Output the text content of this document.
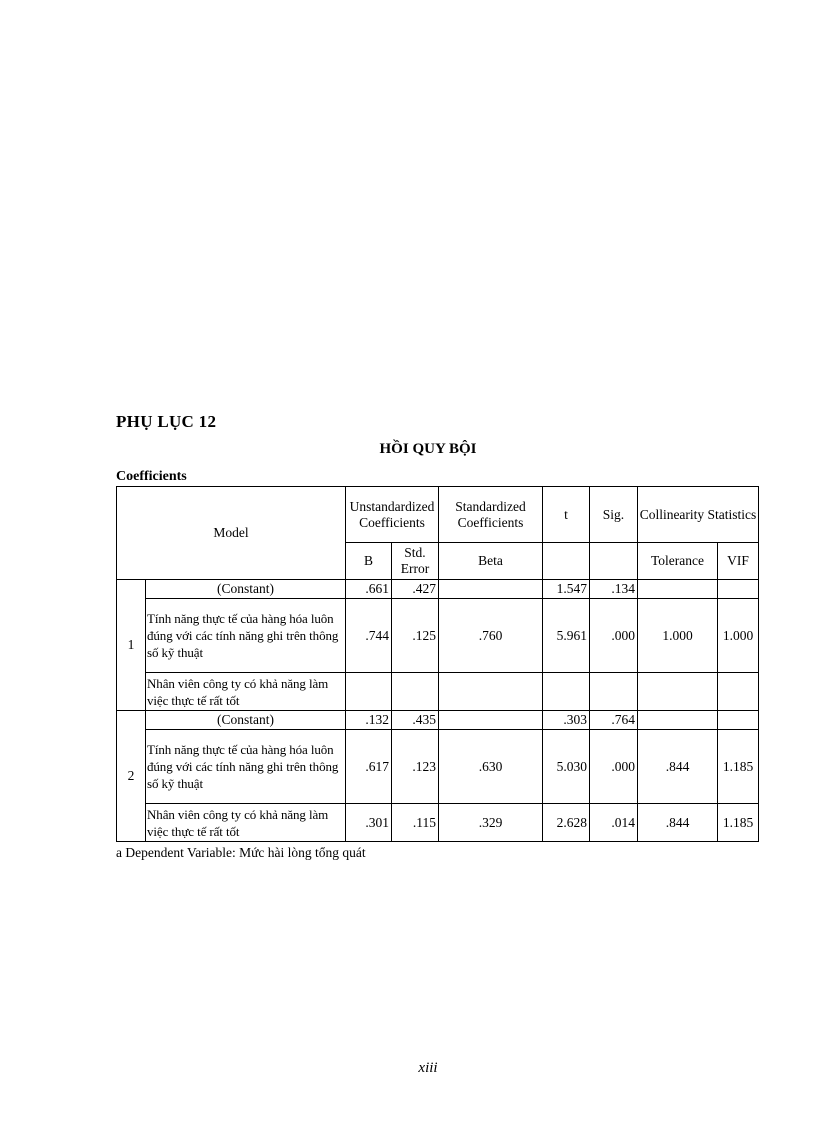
PHỤ LỤC 12
HỒI QUY BỘI
Coefficients
Model		Unstandardized Coefficients		Standardized Coefficients	t	Sig.	Collinearity Statistics	
		B	Std. Error	Beta			Tolerance	VIF
1	(Constant)	.661	.427		1.547	.134		
	Tính năng thực tế của hàng hóa luôn đúng với các tính năng ghi trên thông số kỹ thuật	.744	.125	.760	5.961	.000	1.000	1.000
	Nhân viên công ty có khả năng làm việc thực tế rất tốt							
2	(Constant)	.132	.435		.303	.764		
	Tính năng thực tế của hàng hóa luôn đúng với các tính năng ghi trên thông số kỹ thuật	.617	.123	.630	5.030	.000	.844	1.185
	Nhân viên công ty có khả năng làm việc thực tế rất tốt	.301	.115	.329	2.628	.014	.844	1.185
a Dependent Variable: Mức hài lòng tổng quát
xiii
